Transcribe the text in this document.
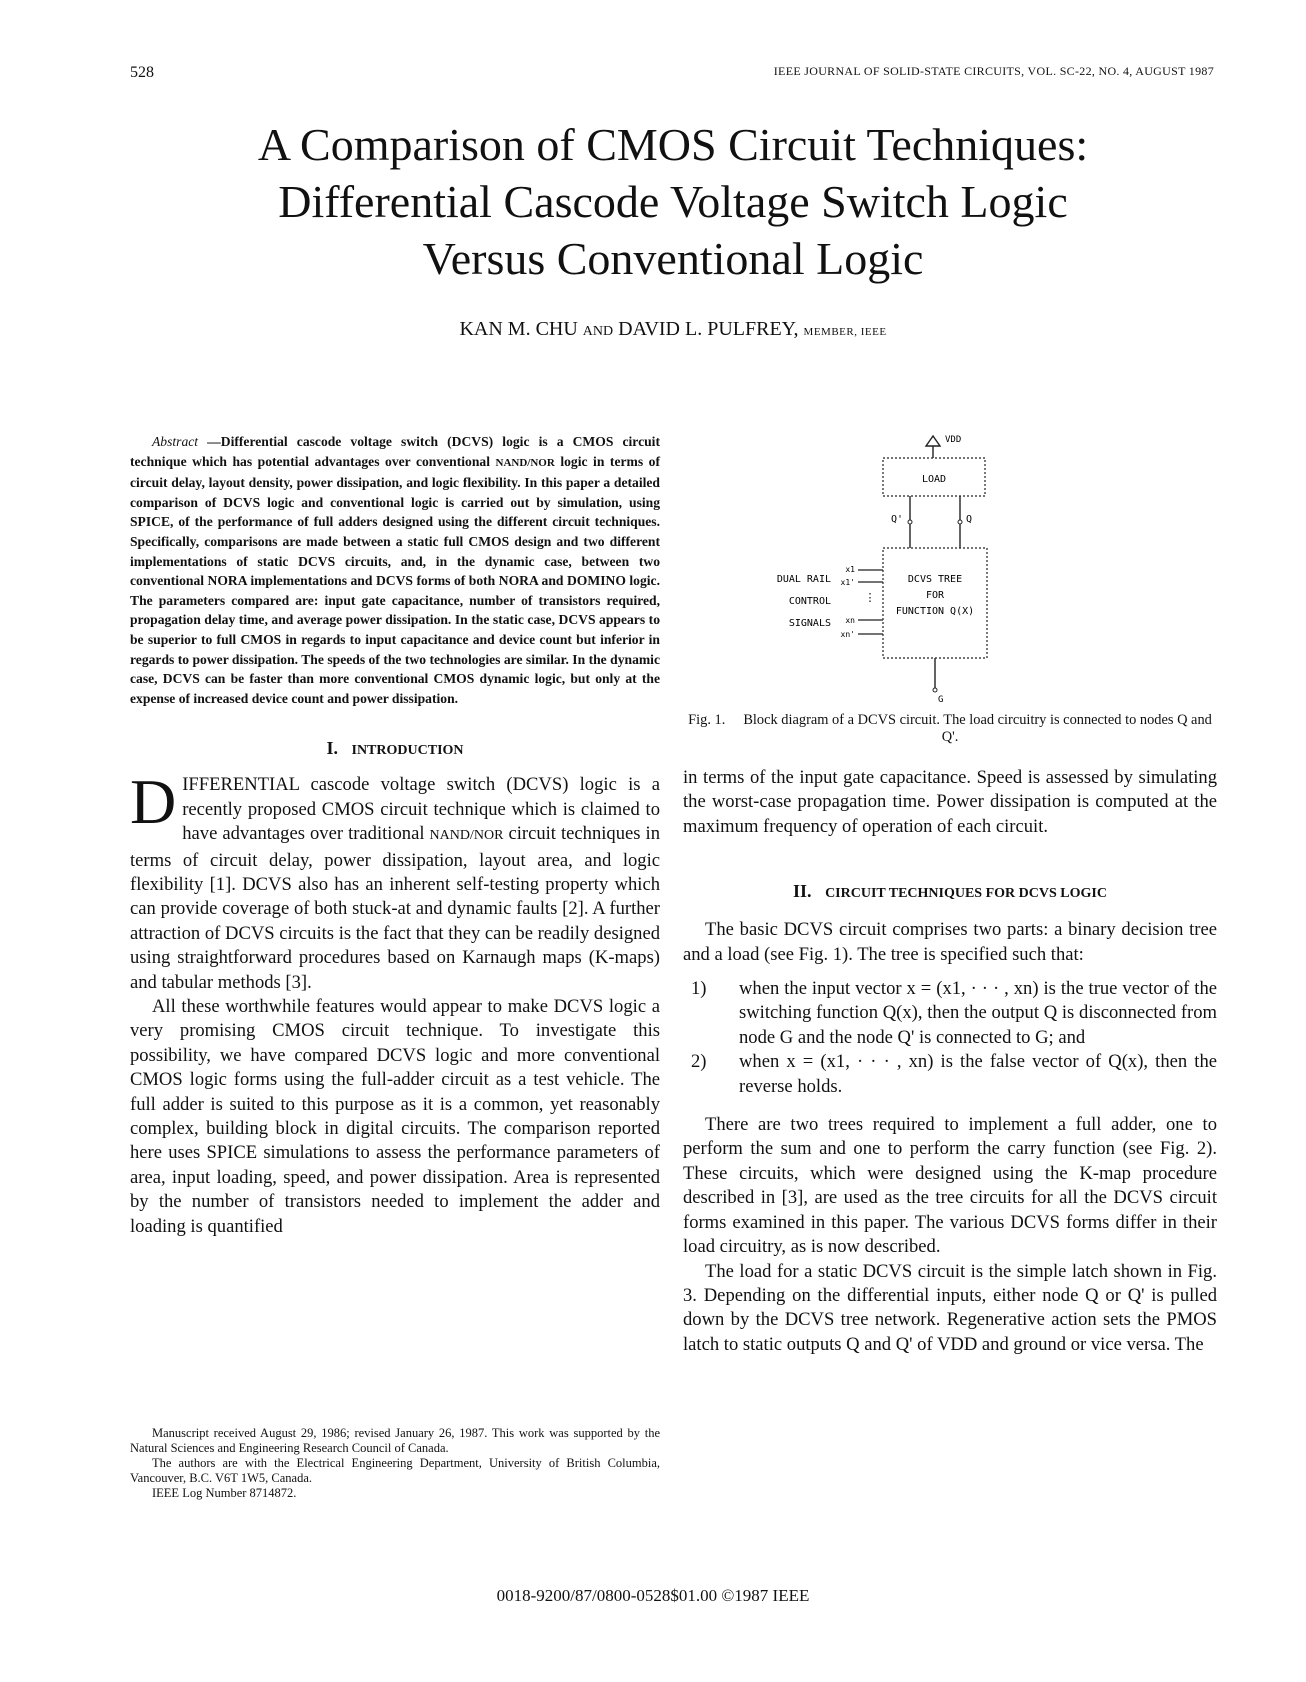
528	IEEE JOURNAL OF SOLID-STATE CIRCUITS, VOL. SC-22, NO. 4, AUGUST 1987
A Comparison of CMOS Circuit Techniques:
Differential Cascode Voltage Switch Logic
Versus Conventional Logic
KAN M. CHU AND DAVID L. PULFREY, MEMBER, IEEE

Abstract —Differential cascode voltage switch (DCVS) logic is a CMOS circuit technique which has potential advantages over conventional NAND/NOR logic in terms of circuit delay, layout density, power dissipation, and logic flexibility. In this paper a detailed comparison of DCVS logic and conventional logic is carried out by simulation, using SPICE, of the performance of full adders designed using the different circuit techniques. Specifically, comparisons are made between a static full CMOS design and two different implementations of static DCVS circuits, and, in the dynamic case, between two conventional NORA implementations and DCVS forms of both NORA and DOMINO logic. The parameters compared are: input gate capacitance, number of transistors required, propagation delay time, and average power dissipation. In the static case, DCVS appears to be superior to full CMOS in regards to input capacitance and device count but inferior in regards to power dissipation. The speeds of the two technologies are similar. In the dynamic case, DCVS can be faster than more conventional CMOS dynamic logic, but only at the expense of increased device count and power dissipation.

I. INTRODUCTION

DIFFERENTIAL cascode voltage switch (DCVS) logic is a recently proposed CMOS circuit technique which is claimed to have advantages over traditional NAND/NOR circuit techniques in terms of circuit delay, power dissipation, layout area, and logic flexibility [1]. DCVS also has an inherent self-testing property which can provide coverage of both stuck-at and dynamic faults [2]. A further attraction of DCVS circuits is the fact that they can be readily designed using straightforward procedures based on Karnaugh maps (K-maps) and tabular methods [3].

All these worthwhile features would appear to make DCVS logic a very promising CMOS circuit technique. To investigate this possibility, we have compared DCVS logic and more conventional CMOS logic forms using the full-adder circuit as a test vehicle. The full adder is suited to this purpose as it is a common, yet reasonably complex, building block in digital circuits. The comparison reported here uses SPICE simulations to assess the performance parameters of area, input loading, speed, and power dissipation. Area is represented by the number of transistors needed to implement the adder and loading is quantified

Manuscript received August 29, 1986; revised January 26, 1987. This work was supported by the Natural Sciences and Engineering Research Council of Canada.

The authors are with the Electrical Engineering Department, University of British Columbia, Vancouver, B.C. V6T 1W5, Canada.

IEEE Log Number 8714872.

VDD
LOAD
Q'	Q
DCVS TREE
FOR
FUNCTION Q(X)
DUAL RAIL
CONTROL
SIGNALS
x1
x1'
⋮
xn
xn'
G

Fig. 1. Block diagram of a DCVS circuit. The load circuitry is connected to nodes Q and Q'.

in terms of the input gate capacitance. Speed is assessed by simulating the worst-case propagation time. Power dissipation is computed at the maximum frequency of operation of each circuit.

II. CIRCUIT TECHNIQUES FOR DCVS LOGIC

The basic DCVS circuit comprises two parts: a binary decision tree and a load (see Fig. 1). The tree is specified such that:

1)	when the input vector x = (x1, · · · , xn) is the true vector of the switching function Q(x), then the output Q is disconnected from node G and the node Q' is connected to G; and
2)	when x = (x1, · · · , xn) is the false vector of Q(x), then the reverse holds.

There are two trees required to implement a full adder, one to perform the sum and one to perform the carry function (see Fig. 2). These circuits, which were designed using the K-map procedure described in [3], are used as the tree circuits for all the DCVS circuit forms examined in this paper. The various DCVS forms differ in their load circuitry, as is now described.

The load for a static DCVS circuit is the simple latch shown in Fig. 3. Depending on the differential inputs, either node Q or Q' is pulled down by the DCVS tree network. Regenerative action sets the PMOS latch to static outputs Q and Q' of VDD and ground or vice versa. The

0018-9200/87/0800-0528$01.00 ©1987 IEEE
